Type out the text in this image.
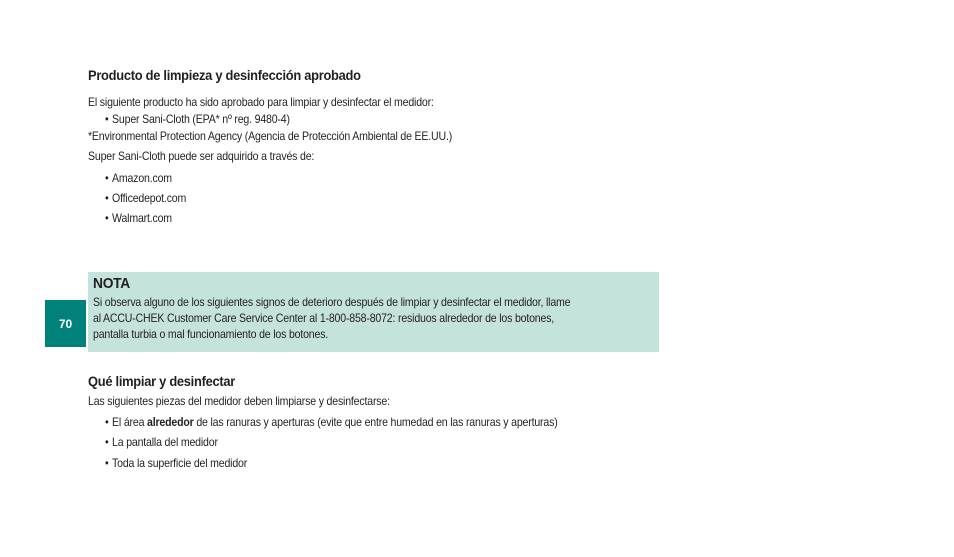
Producto de limpieza y desinfección aprobado
El siguiente producto ha sido aprobado para limpiar y desinfectar el medidor:
• Super Sani-Cloth (EPA* nº reg. 9480-4)
*Environmental Protection Agency (Agencia de Protección Ambiental de EE.UU.)
Super Sani-Cloth puede ser adquirido a través de:
• Amazon.com
• Officedepot.com
• Walmart.com
70
NOTA
Si observa alguno de los siguientes signos de deterioro después de limpiar y desinfectar el medidor, llame
al ACCU-CHEK Customer Care Service Center al 1-800-858-8072: residuos alrededor de los botones,
pantalla turbia o mal funcionamiento de los botones.
Qué limpiar y desinfectar
Las siguientes piezas del medidor deben limpiarse y desinfectarse:
• El área alrededor de las ranuras y aperturas (evite que entre humedad en las ranuras y aperturas)
• La pantalla del medidor
• Toda la superficie del medidor
